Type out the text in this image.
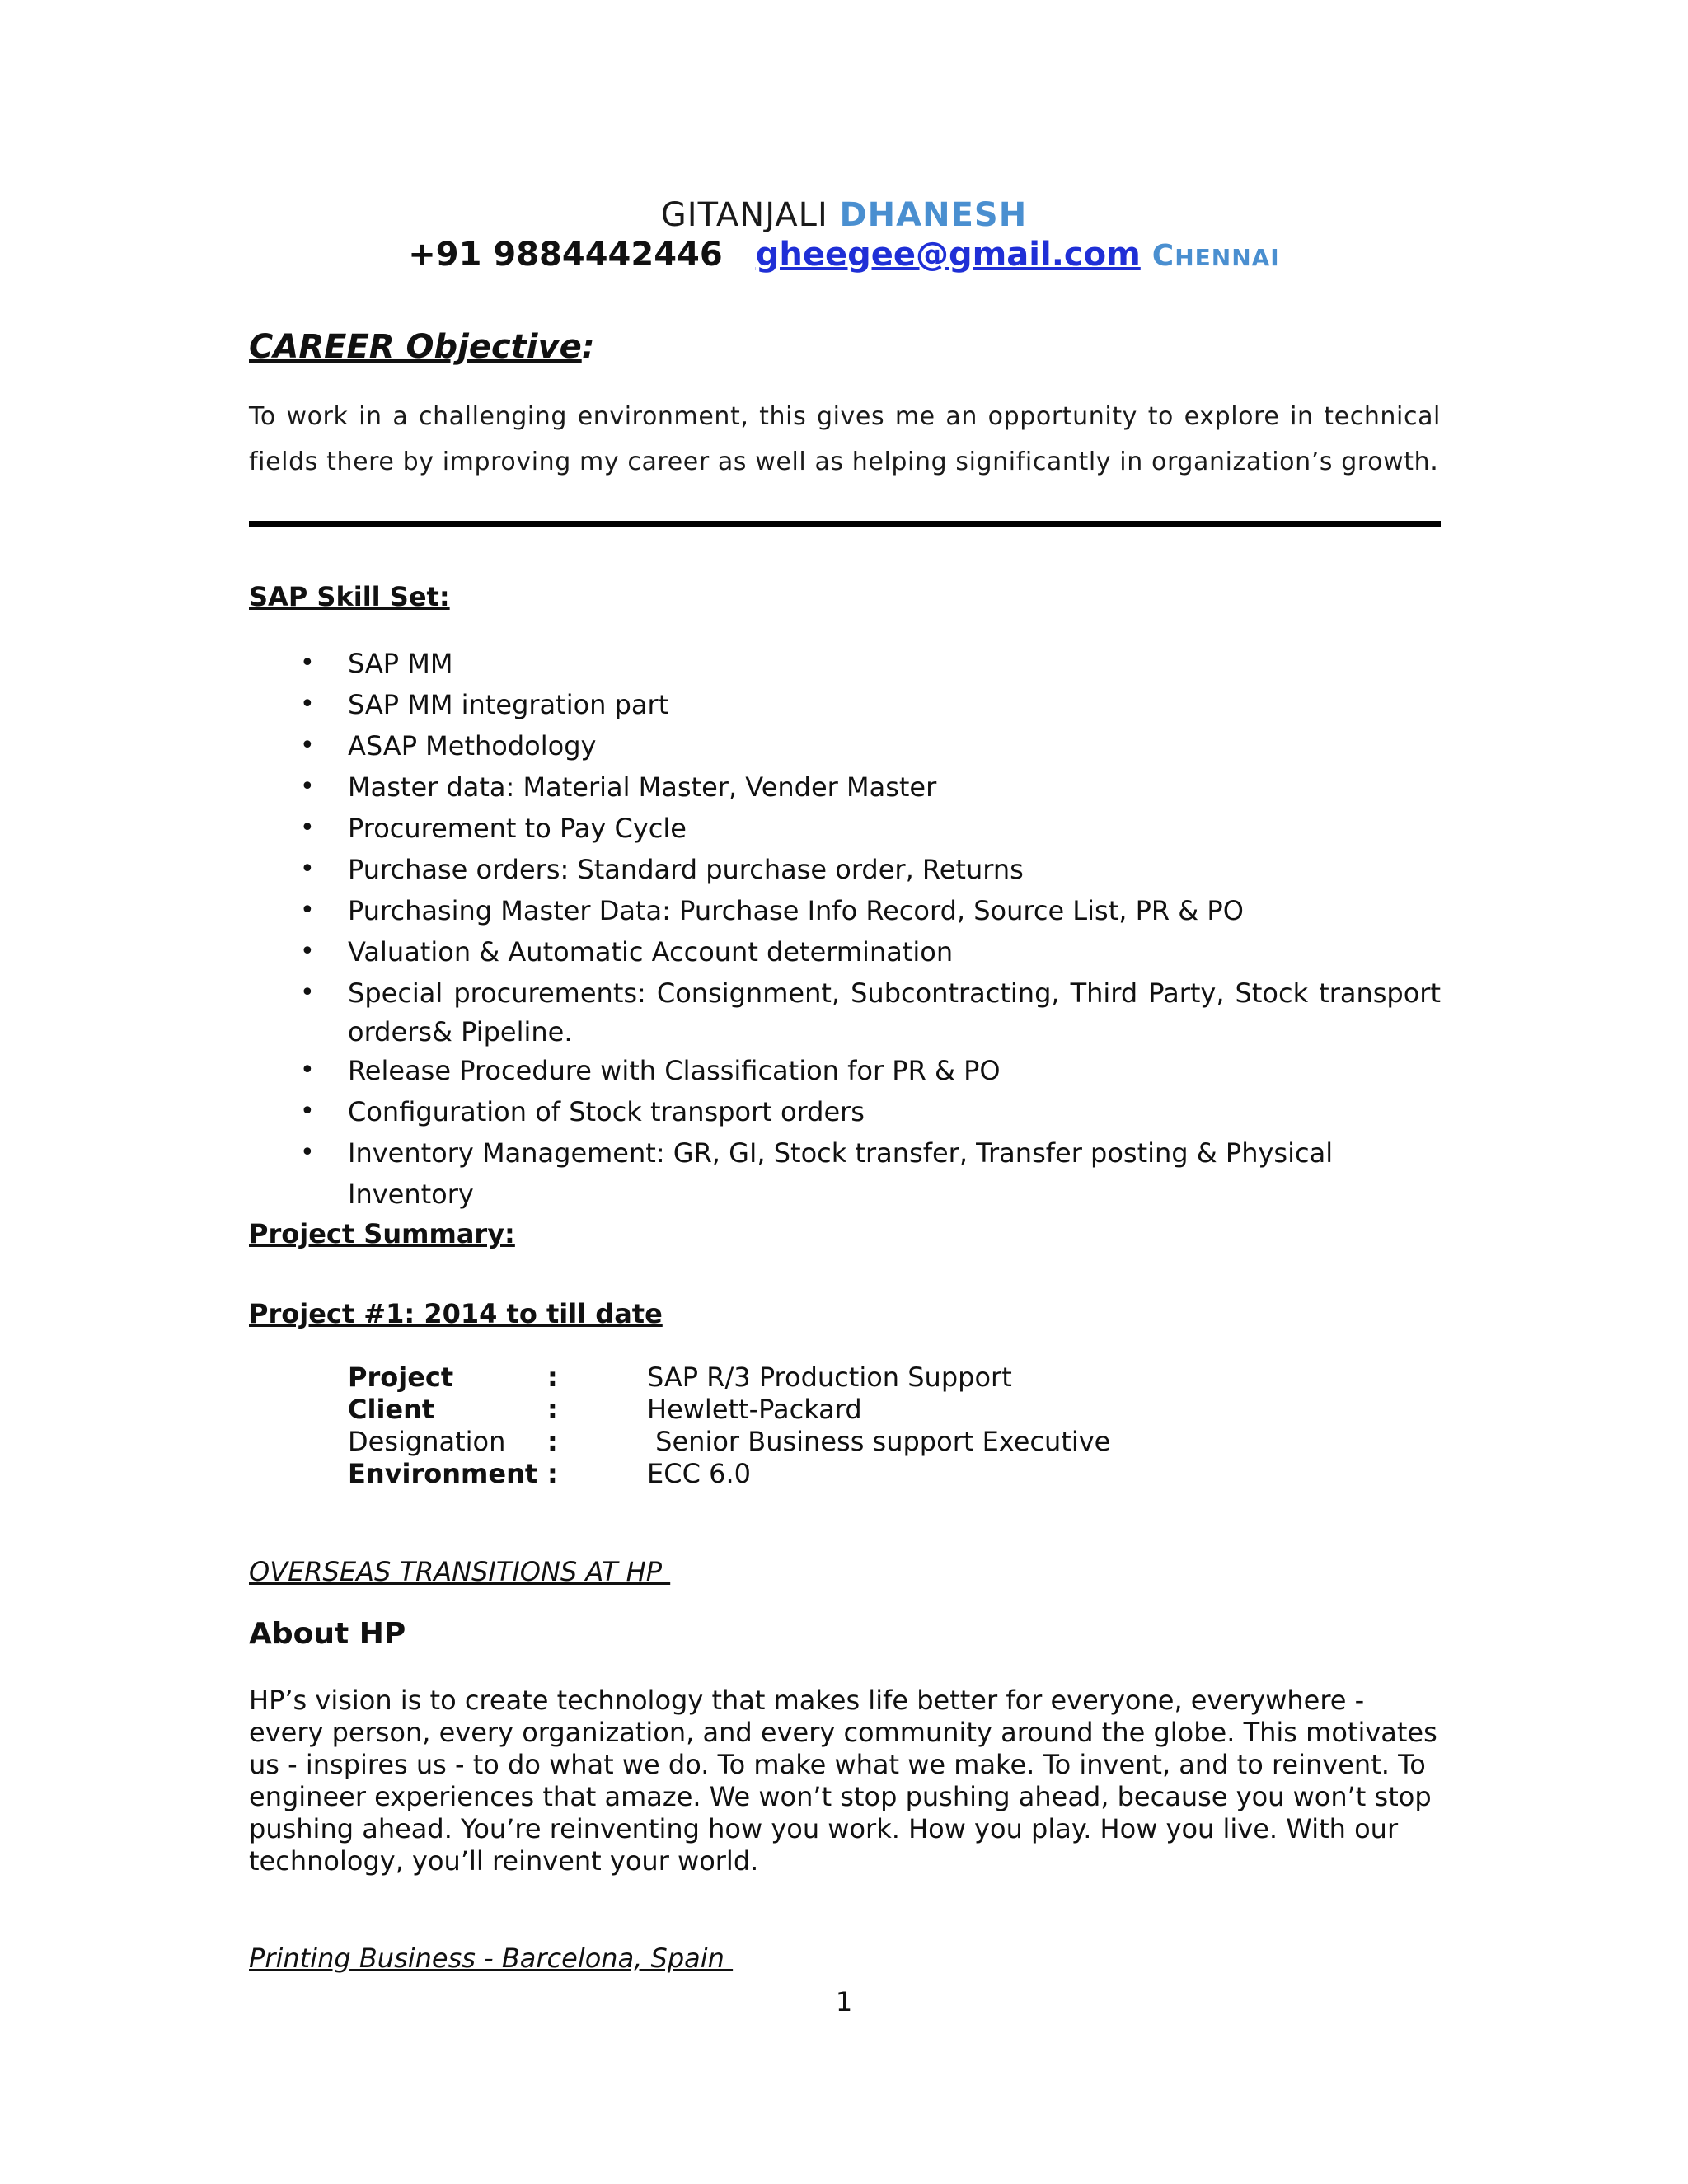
GITANJALI DHANESH
+91 9884442446 gheegee@gmail.com CHENNAI
CAREER Objective:
To work in a challenging environment, this gives me an opportunity to explore in technical fields there by improving my career as well as helping significantly in organization’s growth.
SAP Skill Set:
• SAP MM
• SAP MM integration part
• ASAP Methodology
• Master data: Material Master, Vender Master
• Procurement to Pay Cycle
• Purchase orders: Standard purchase order, Returns
• Purchasing Master Data: Purchase Info Record, Source List, PR & PO
• Valuation & Automatic Account determination
• Special procurements: Consignment, Subcontracting, Third Party, Stock transport
orders& Pipeline.
• Release Procedure with Classification for PR & PO
• Configuration of Stock transport orders
• Inventory Management: GR, GI, Stock transfer, Transfer posting & Physical Inventory
Project Summary:
Project #1: 2014 to till date
Project	:	SAP R/3 Production Support
Client	:	Hewlett-Packard
Designation :	Senior Business support Executive
Environment :	ECC 6.0
OVERSEAS TRANSITIONS AT HP
About HP
HP’s vision is to create technology that makes life better for everyone, everywhere - every person, every organization, and every community around the globe. This motivates us - inspires us - to do what we do. To make what we make. To invent, and to reinvent. To engineer experiences that amaze. We won’t stop pushing ahead, because you won’t stop pushing ahead. You’re reinventing how you work. How you play. How you live. With our technology, you’ll reinvent your world.
Printing Business - Barcelona, Spain
1
